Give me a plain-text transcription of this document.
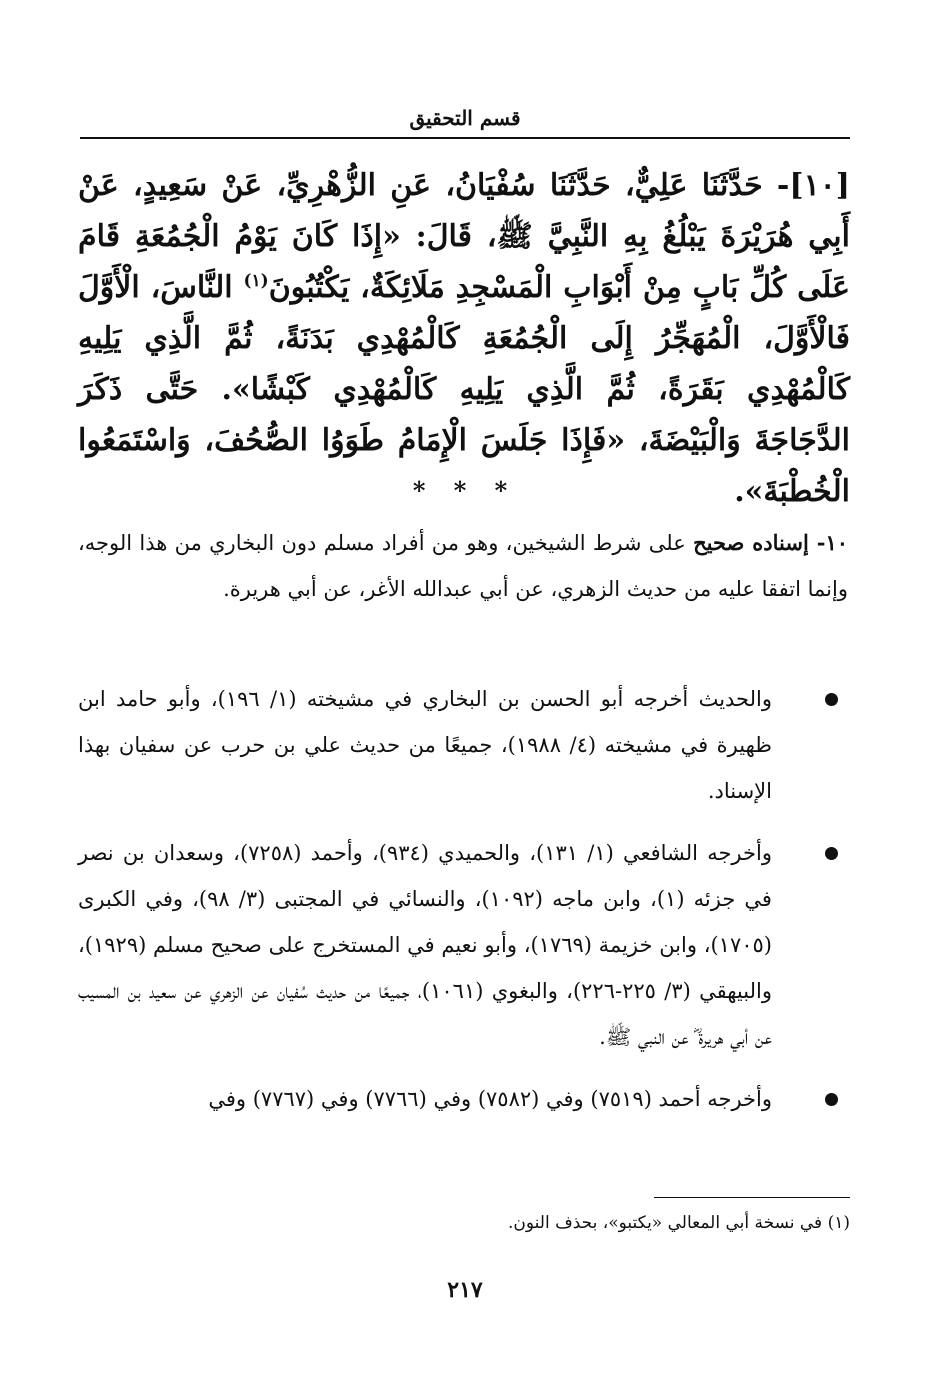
قسم التحقيق

[١٠]- حَدَّثَنَا عَلِيٌّ، حَدَّثَنَا سُفْيَانُ، عَنِ الزُّهْرِيِّ، عَنْ سَعِيدٍ، عَنْ أَبِي هُرَيْرَةَ يَبْلُغُ بِهِ النَّبِيَّ ﷺ، قَالَ: «إِذَا كَانَ يَوْمُ الْجُمُعَةِ قَامَ عَلَى كُلِّ بَابٍ مِنْ أَبْوَابِ الْمَسْجِدِ مَلَائِكَةٌ، يَكْتُبُونَ$^{(١)}$ النَّاسَ، الْأَوَّلَ فَالْأَوَّلَ، الْمُهَجِّرُ إِلَى الْجُمُعَةِ كَالْمُهْدِي بَدَنَةً، ثُمَّ الَّذِي يَلِيهِ كَالْمُهْدِي بَقَرَةً، ثُمَّ الَّذِي يَلِيهِ كَالْمُهْدِي كَبْشًا». حَتَّى ذَكَرَ الدَّجَاجَةَ وَالْبَيْضَةَ، «فَإِذَا جَلَسَ الْإِمَامُ طَوَوُا الصُّحُفَ، وَاسْتَمَعُوا الْخُطْبَةَ».

* * *

١٠- إسناده صحيح على شرط الشيخين، وهو من أفراد مسلم دون البخاري من هذا الوجه، وإنما اتفقا عليه من حديث الزهري، عن أبي عبدالله الأغر، عن أبي هريرة.

والحديث أخرجه أبو الحسن بن البخاري في مشيخته (١/ ١٩٦)، وأبو حامد ابن ظهيرة في مشيخته (٤/ ١٩٨٨)، جميعًا من حديث علي بن حرب عن سفيان بهذا الإسناد.
وأخرجه الشافعي (١/ ١٣١)، والحميدي (٩٣٤)، وأحمد (٧٢٥٨)، وسعدان بن نصر في جزئه (١)، وابن ماجه (١٠٩٢)، والنسائي في المجتبى (٣/ ٩٨)، وفي الكبرى (١٧٠٥)، وابن خزيمة (١٧٦٩)، وأبو نعيم في المستخرج على صحيح مسلم (١٩٢٩)، والبيهقي (٣/ ٢٢٥-٢٢٦)، والبغوي (١٠٦١)، جميعًا من حديث سُفيان عن الزهري عن سعيد بن المسيب عن أبي هريرة ؓ عن النبي ﷺ.
وأخرجه أحمد (٧٥١٩) وفي (٧٥٨٢) وفي (٧٧٦٦) وفي (٧٧٦٧) وفي

(١) في نسخة أبي المعالي «يكتبو»، بحذف النون.

٢١٧
